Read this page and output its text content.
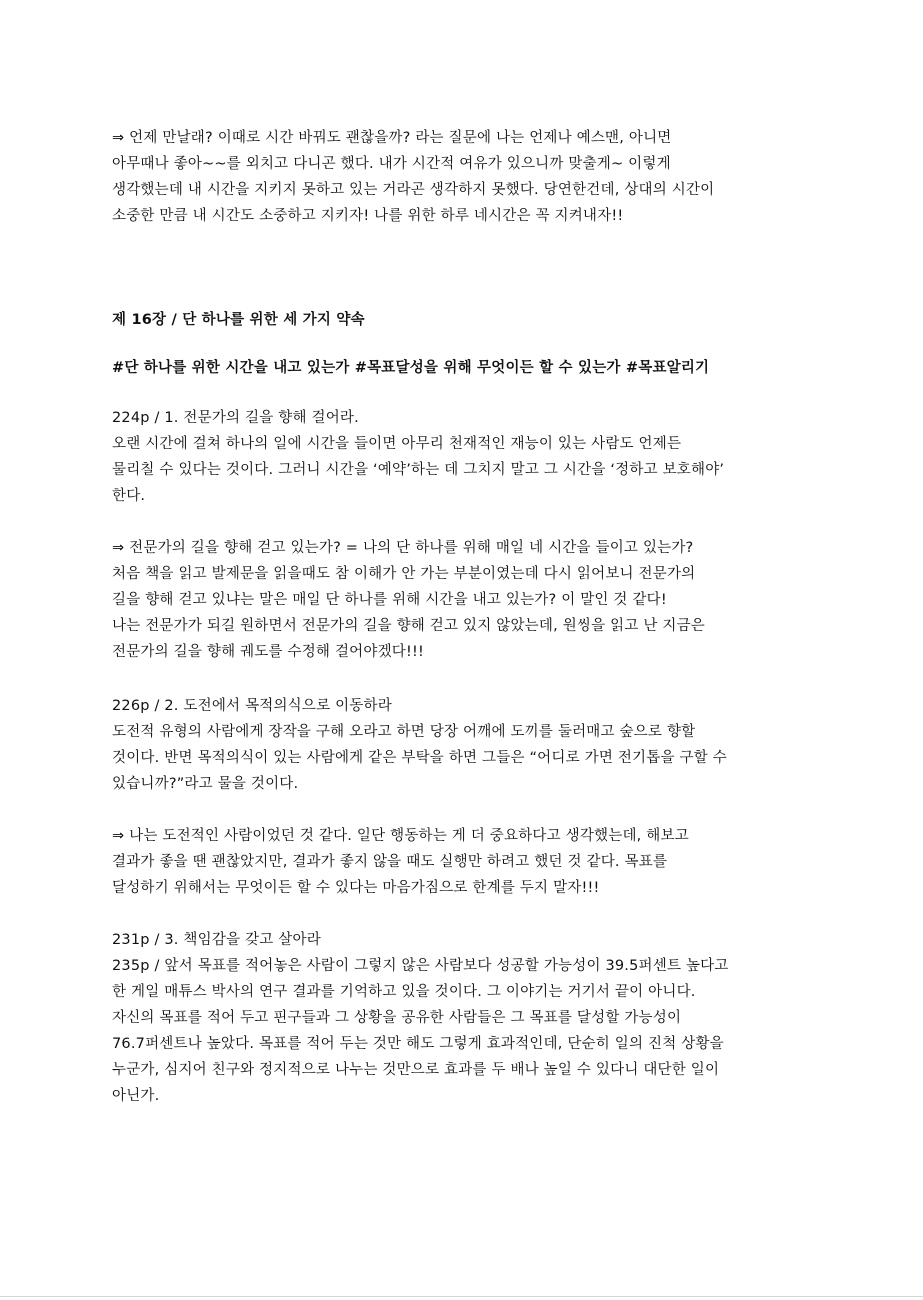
⇒ 언제 만날래? 이때로 시간 바꿔도 괜찮을까? 라는 질문에 나는 언제나 예스맨, 아니면

아무때나 좋아~~를 외치고 다니곤 했다. 내가 시간적 여유가 있으니까 맞출게~ 이렇게

생각했는데 내 시간을 지키지 못하고 있는 거라곤 생각하지 못했다. 당연한건데, 상대의 시간이

소중한 만큼 내 시간도 소중하고 지키자! 나를 위한 하루 네시간은 꼭 지켜내자!!

제 16장 / 단 하나를 위한 세 가지 약속

#단 하나를 위한 시간을 내고 있는가 #목표달성을 위해 무엇이든 할 수 있는가 #목표알리기

224p / 1. 전문가의 길을 향해 걸어라.

오랜 시간에 걸쳐 하나의 일에 시간을 들이면 아무리 천재적인 재능이 있는 사람도 언제든

물리칠 수 있다는 것이다. 그러니 시간을 ‘예약’하는 데 그치지 말고 그 시간을 ‘정하고 보호해야’

한다.

⇒ 전문가의 길을 향해 걷고 있는가? = 나의 단 하나를 위해 매일 네 시간을 들이고 있는가?

처음 책을 읽고 발제문을 읽을때도 참 이해가 안 가는 부분이였는데 다시 읽어보니 전문가의

길을 향해 걷고 있냐는 말은 매일 단 하나를 위해 시간을 내고 있는가? 이 말인 것 같다!

나는 전문가가 되길 원하면서 전문가의 길을 향해 걷고 있지 않았는데, 원씽을 읽고 난 지금은

전문가의 길을 향해 궤도를 수정해 걸어야겠다!!!

226p / 2. 도전에서 목적의식으로 이동하라

도전적 유형의 사람에게 장작을 구해 오라고 하면 당장 어깨에 도끼를 둘러매고 숲으로 향할

것이다. 반면 목적의식이 있는 사람에게 같은 부탁을 하면 그들은 “어디로 가면 전기톱을 구할 수

있습니까?”라고 물을 것이다.

⇒ 나는 도전적인 사람이었던 것 같다. 일단 행동하는 게 더 중요하다고 생각했는데, 해보고

결과가 좋을 땐 괜찮았지만, 결과가 좋지 않을 때도 실행만 하려고 했던 것 같다. 목표를

달성하기 위해서는 무엇이든 할 수 있다는 마음가짐으로 한계를 두지 말자!!!

231p / 3. 책임감을 갖고 살아라

235p / 앞서 목표를 적어놓은 사람이 그렇지 않은 사람보다 성공할 가능성이 39.5퍼센트 높다고

한 게일 매튜스 박사의 연구 결과를 기억하고 있을 것이다. 그 이야기는 거기서 끝이 아니다.

자신의 목표를 적어 두고 핀구들과 그 상황을 공유한 사람들은 그 목표를 달성할 가능성이

76.7퍼센트나 높았다. 목표를 적어 두는 것만 해도 그렇게 효과적인데, 단순히 일의 진척 상황을

누군가, 심지어 친구와 정지적으로 나누는 것만으로 효과를 두 배나 높일 수 있다니 대단한 일이

아닌가.
